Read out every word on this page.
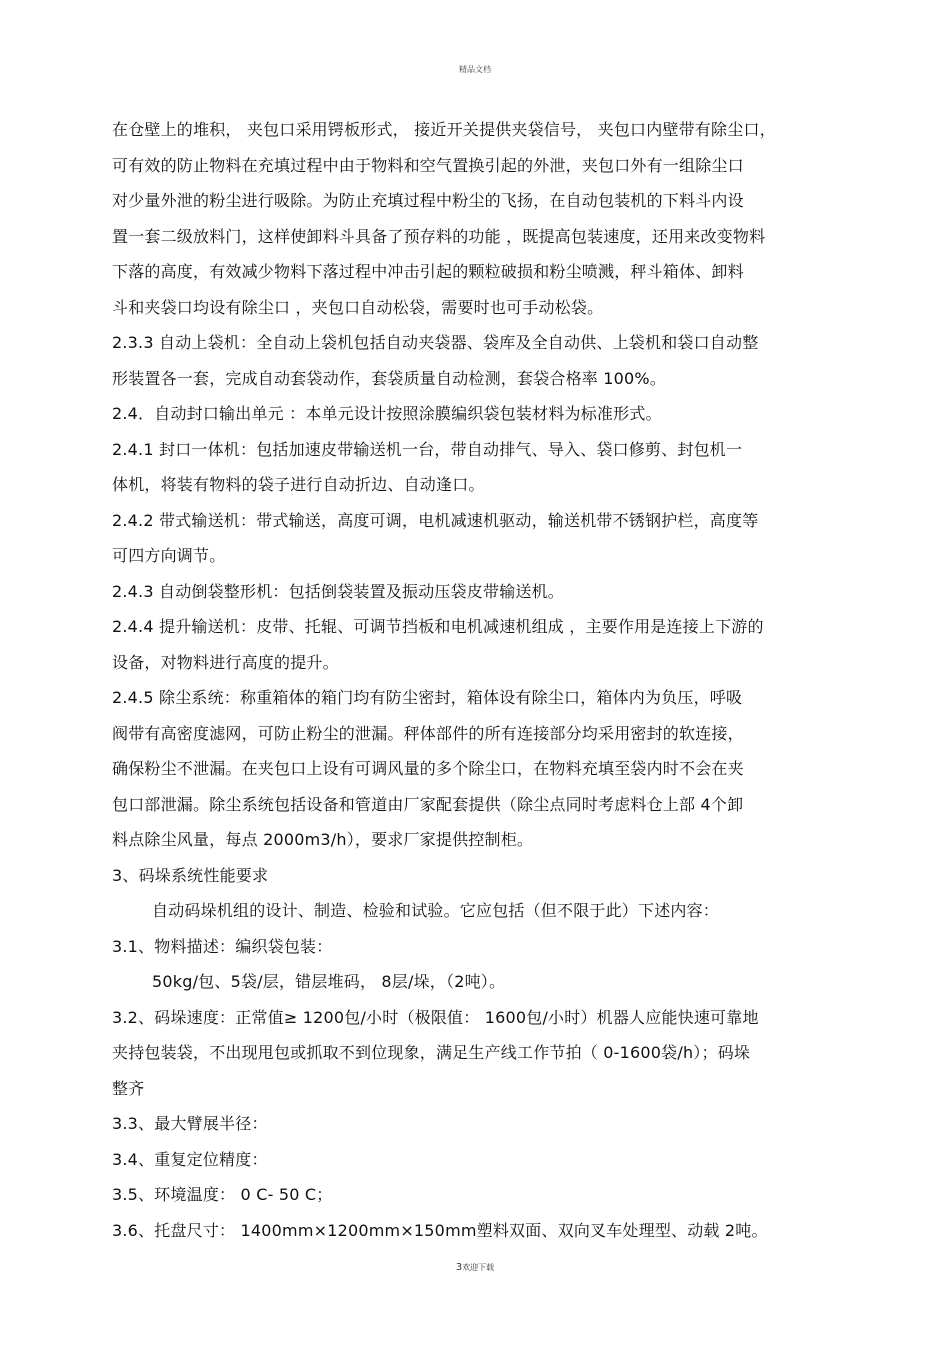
精品文档
在仓壁上的堆积， 夹包口采用锷板形式， 接近开关提供夹袋信号， 夹包口内壁带有除尘口，
可有效的防止物料在充填过程中由于物料和空气置换引起的外泄，夹包口外有一组除尘口
对少量外泄的粉尘进行吸除。为防止充填过程中粉尘的飞扬，在自动包装机的下料斗内设
置一套二级放料门，这样使卸料斗具备了预存料的功能 ，既提高包装速度，还用来改变物料
下落的高度，有效减少物料下落过程中冲击引起的颗粒破损和粉尘喷溅，秤斗箱体、卸料
斗和夹袋口均设有除尘口 ，夹包口自动松袋，需要时也可手动松袋。
2.3.3 自动上袋机：全自动上袋机包括自动夹袋器、袋库及全自动供、上袋机和袋口自动整
形装置各一套，完成自动套袋动作，套袋质量自动检测，套袋合格率 100%。
2.4．自动封口输出单元 ：本单元设计按照涂膜编织袋包装材料为标准形式。
2.4.1 封口一体机：包括加速皮带输送机一台，带自动排气、导入、袋口修剪、封包机一
体机，将装有物料的袋子进行自动折边、自动逢口。
2.4.2 带式输送机：带式输送，高度可调，电机减速机驱动，输送机带不锈钢护栏，高度等
可四方向调节。
2.4.3 自动倒袋整形机：包括倒袋装置及振动压袋皮带输送机。
2.4.4 提升输送机：皮带、托辊、可调节挡板和电机减速机组成 ，主要作用是连接上下游的
设备，对物料进行高度的提升。
2.4.5 除尘系统：称重箱体的箱门均有防尘密封，箱体设有除尘口，箱体内为负压，呼吸
阀带有高密度滤网，可防止粉尘的泄漏。秤体部件的所有连接部分均采用密封的软连接，
确保粉尘不泄漏。在夹包口上设有可调风量的多个除尘口，在物料充填至袋内时不会在夹
包口部泄漏。除尘系统包括设备和管道由厂家配套提供（除尘点同时考虑料仓上部 4个卸
料点除尘风量，每点 2000m3/h），要求厂家提供控制柜。
3、码垛系统性能要求
自动码垛机组的设计、制造、检验和试验。它应包括（但不限于此）下述内容：
3.1、物料描述：编织袋包装：
50kg/包、5袋/层，错层堆码， 8层/垛，（2吨）。
3.2、码垛速度：正常值≥ 1200包/小时（极限值： 1600包/小时）机器人应能快速可靠地
夹持包装袋，不出现甩包或抓取不到位现象，满足生产线工作节拍（ 0-1600袋/h）；码垛
整齐
3.3、最大臂展半径：
3.4、重复定位精度：
3.5、环境温度： 0 C- 50 C；
3.6、托盘尺寸： 1400mm×1200mm×150mm塑料双面、双向叉车处理型、动载 2吨。
3欢迎下载
